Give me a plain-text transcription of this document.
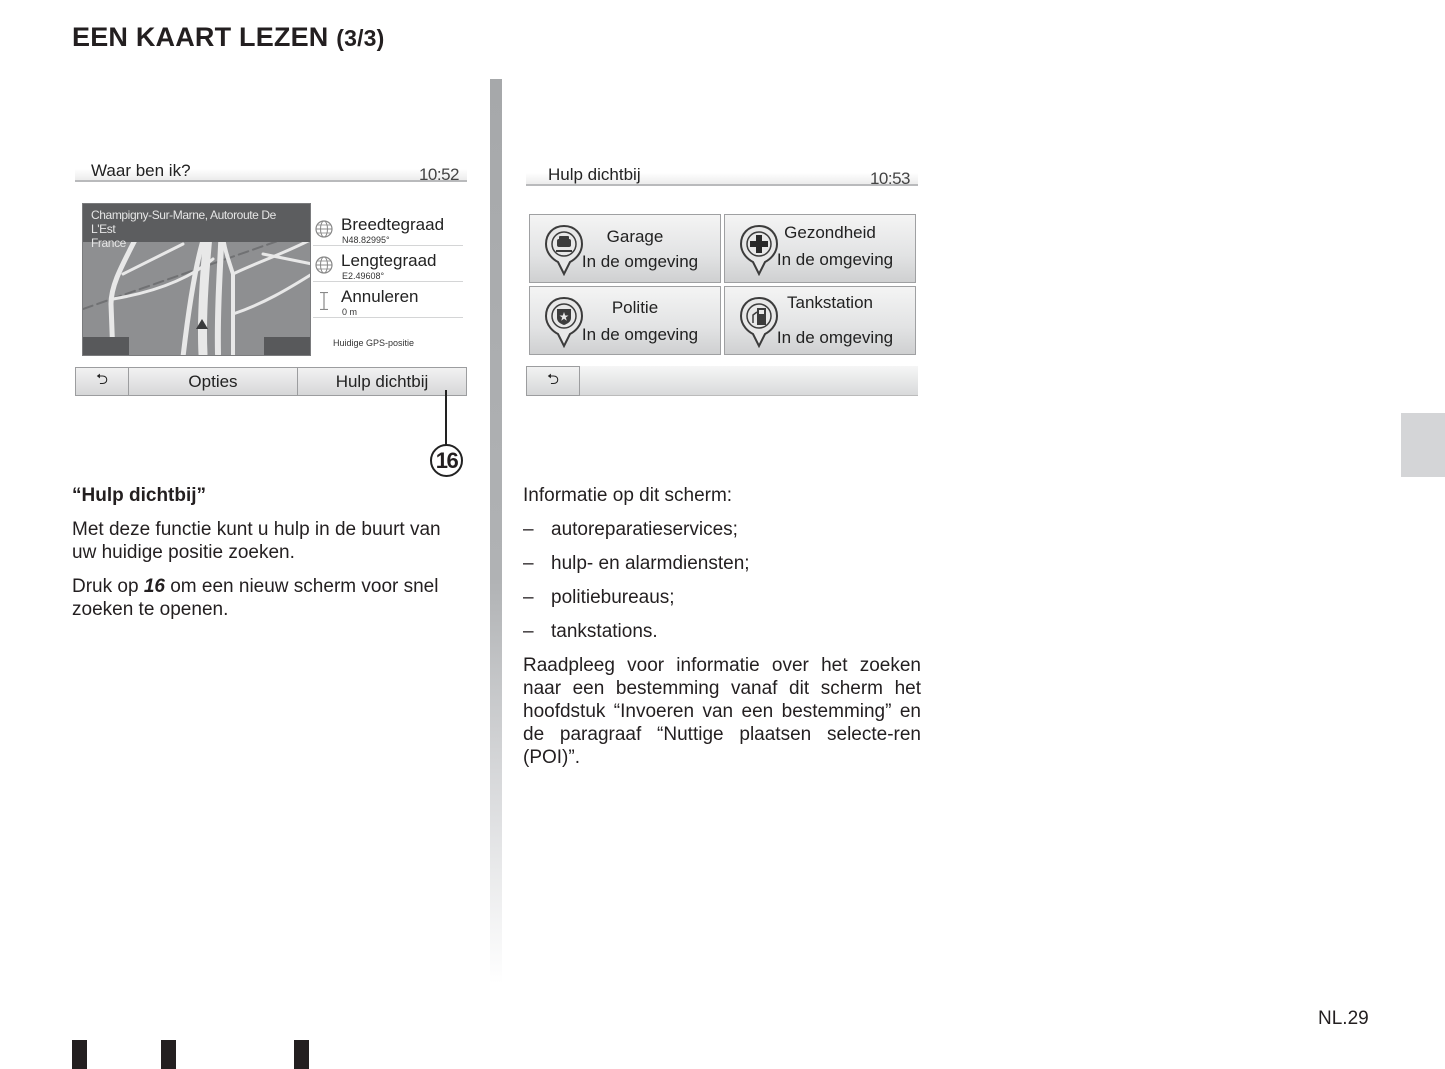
EEN KAART LEZEN (3/3)
Waar ben ik?	10:52
Champigny-Sur-Marne, Autoroute De L'Est
France
Breedtegraad
N48.82995°
Lengtegraad
E2.49608°
Annuleren
0 m
Huidige GPS-positie
⮌	Opties	Hulp dichtbij
16
Hulp dichtbij	10:53
Garage
In de omgeving
Gezondheid
In de omgeving
Politie
In de omgeving
Tankstation
In de omgeving
⮌
“Hulp dichtbij”
Met deze functie kunt u hulp in de buurt van uw huidige positie zoeken.
Druk op 16 om een nieuw scherm voor snel zoeken te openen.
Informatie op dit scherm:
– autoreparatieservices;
– hulp- en alarmdiensten;
– politiebureaus;
– tankstations.
Raadpleeg voor informatie over het zoeken naar een bestemming vanaf dit scherm het hoofdstuk “Invoeren van een bestemming” en de paragraaf “Nuttige plaatsen selecte-ren (POI)”.
NL.29
